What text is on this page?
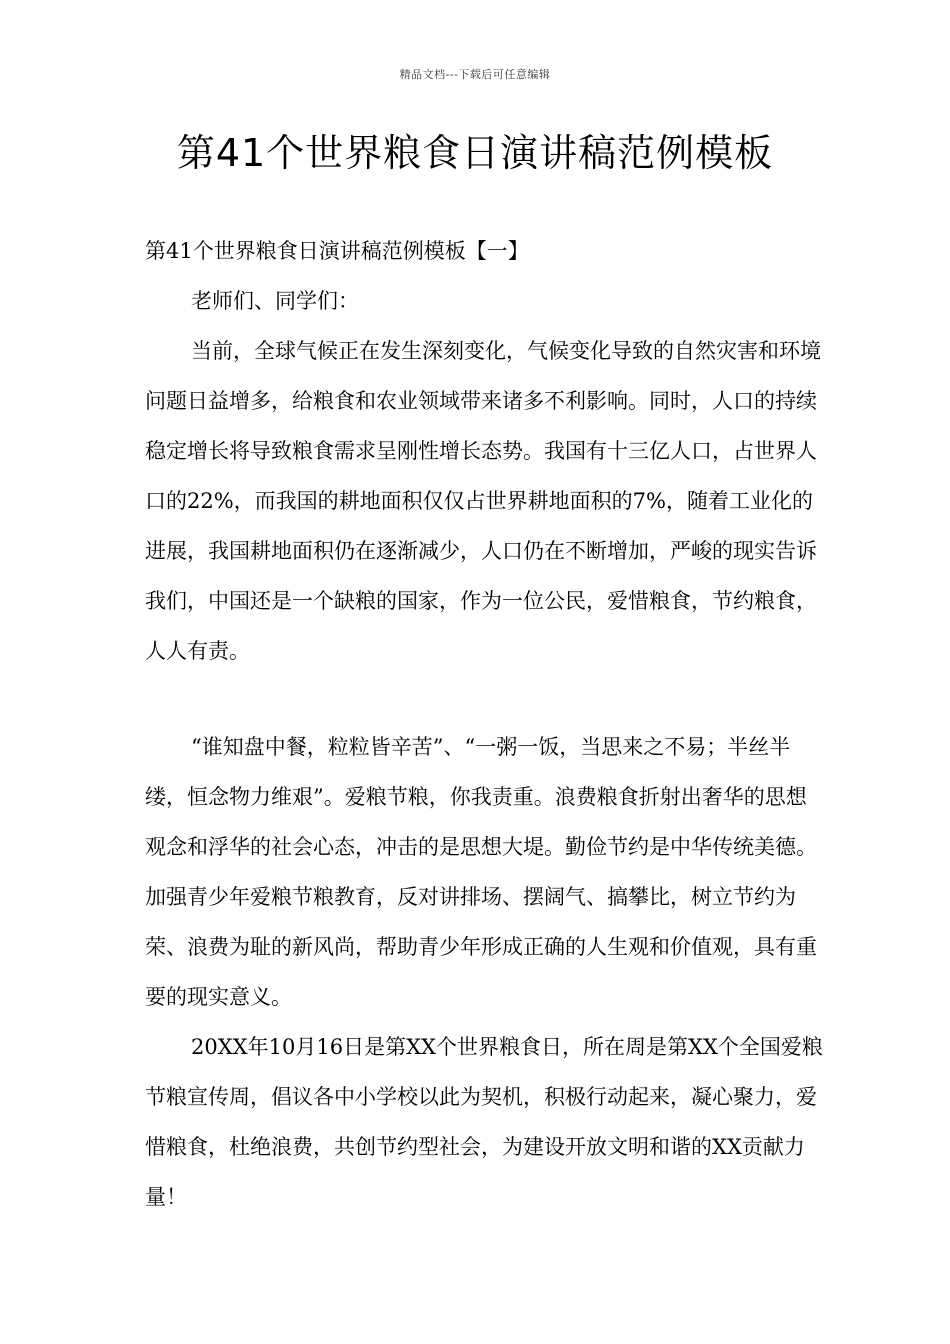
精品文档---下载后可任意编辑
第41个世界粮食日演讲稿范例模板

第41个世界粮食日演讲稿范例模板【一】

老师们、同学们：

当前，全球气候正在发生深刻变化，气候变化导致的自然灾害和环境问题日益增多，给粮食和农业领域带来诸多不利影响。同时，人口的持续稳定增长将导致粮食需求呈刚性增长态势。我国有十三亿人口，占世界人口的22%，而我国的耕地面积仅仅占世界耕地面积的7%，随着工业化的进展，我国耕地面积仍在逐渐减少，人口仍在不断增加，严峻的现实告诉我们，中国还是一个缺粮的国家，作为一位公民，爱惜粮食，节约粮食，人人有责。

“谁知盘中餐，粒粒皆辛苦”、“一粥一饭，当思来之不易；半丝半缕，恒念物力维艰”。爱粮节粮，你我责重。浪费粮食折射出奢华的思想观念和浮华的社会心态，冲击的是思想大堤。勤俭节约是中华传统美德。加强青少年爱粮节粮教育，反对讲排场、摆阔气、搞攀比，树立节约为荣、浪费为耻的新风尚，帮助青少年形成正确的人生观和价值观，具有重要的现实意义。

20XX年10月16日是第XX个世界粮食日，所在周是第XX个全国爱粮节粮宣传周，倡议各中小学校以此为契机，积极行动起来，凝心聚力，爱惜粮食，杜绝浪费，共创节约型社会，为建设开放文明和谐的XX贡献力量！
